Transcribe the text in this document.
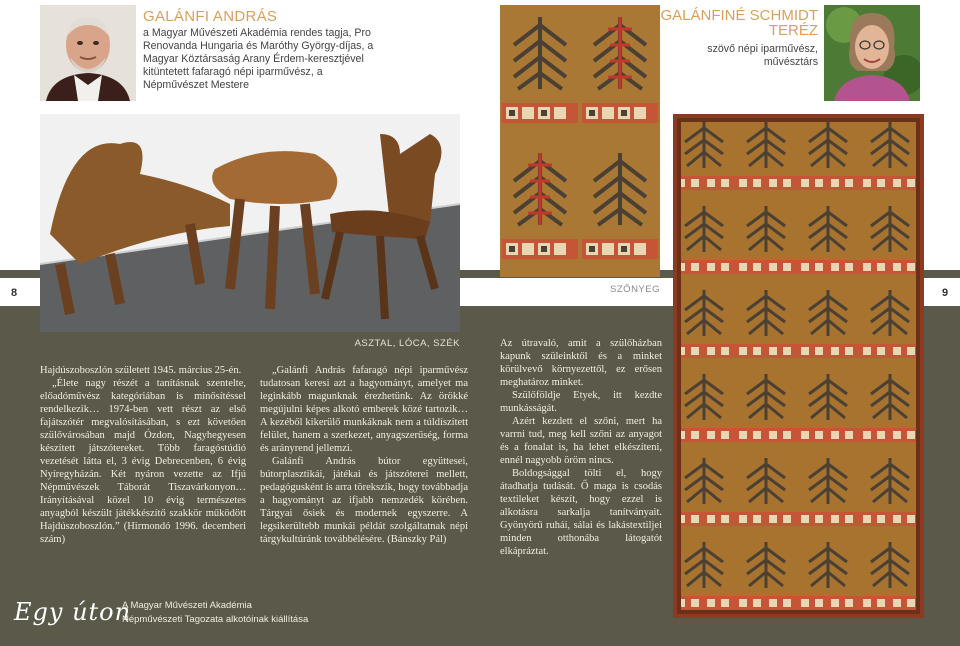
GALÁNFI ANDRÁS
a Magyar Művészeti Akadémia rendes tagja, Pro Renovanda Hungaria és Maróthy György-díjas, a Magyar Köztársaság Arany Érdem-keresztjével kitüntetett fafaragó népi iparművész, a Népművészet Mestere
GALÁNFINÉ SCHMIDT TERÉZ
szövő népi iparművész, művésztárs
8	9
SZŐNYEG
ASZTAL, LÓCA, SZÉK

Hajdúszoboszlón született 1945. március 25-én.

„Élete nagy részét a tanításnak szentelte, előadóművész kategóriában is minősítéssel rendelkezik… 1974-ben vett részt az első fajátszótér megvalósításában, s ezt követően szülővárosában majd Ózdon, Nagyhegyesen készített játszótereket. Több faragóstúdió vezetését látta el, 3 évig Debrecenben, 6 évig Nyíregyházán. Két nyáron vezette az Ifjú Népművészek Táborát Tiszavárkonyon… Irányításával közel 10 évig természetes anyagból készült játékkészítő szakkör működött Hajdúszoboszlón.” (Hirmondó 1996. decemberi szám)

„Galánfi András fafaragó népi iparművész tudatosan keresi azt a hagyományt, amelyet ma leginkább magunknak érezhetünk. Az örökké megújulni képes alkotó emberek közé tartozik… A kezéből kikerülő munkáknak nem a túldíszített felület, hanem a szerkezet, anyagszerűség, forma és arányrend jellemzi.

Galánfi András bútor együttesei, bútorplasztikái, játékai és játszóterei mellett, pedagógusként is arra törekszik, hogy továbbadja a hagyományt az ifjabb nemzedék körében. Tárgyai ősiek és modernek egyszerre. A legsikerültebb munkái példát szolgáltatnak népi tárgykultúránk továbbélésére. (Bánszky Pál)

Az útravaló, amit a szülőházban kapunk szüleinktől és a minket körülvevő környezettől, ez erősen meghatároz minket.

Szülőföldje Etyek, itt kezdte munkásságát.

Azért kezdett el szőni, mert ha varrni tud, meg kell szőni az anyagot és a fonalat is, ha lehet elkészíteni, ennél nagyobb öröm nincs.

Boldogsággal tölti el, hogy átadhatja tudását. Ő maga is csodás textileket készít, hogy ezzel is alkotásra sarkalja tanítványait. Gyönyörű ruhái, sálai és lakástextiljei minden otthonába látogatót elkápráztat.

Egy úton
A Magyar Művészeti Akadémia
Népművészeti Tagozata alkotóinak kiállítása
